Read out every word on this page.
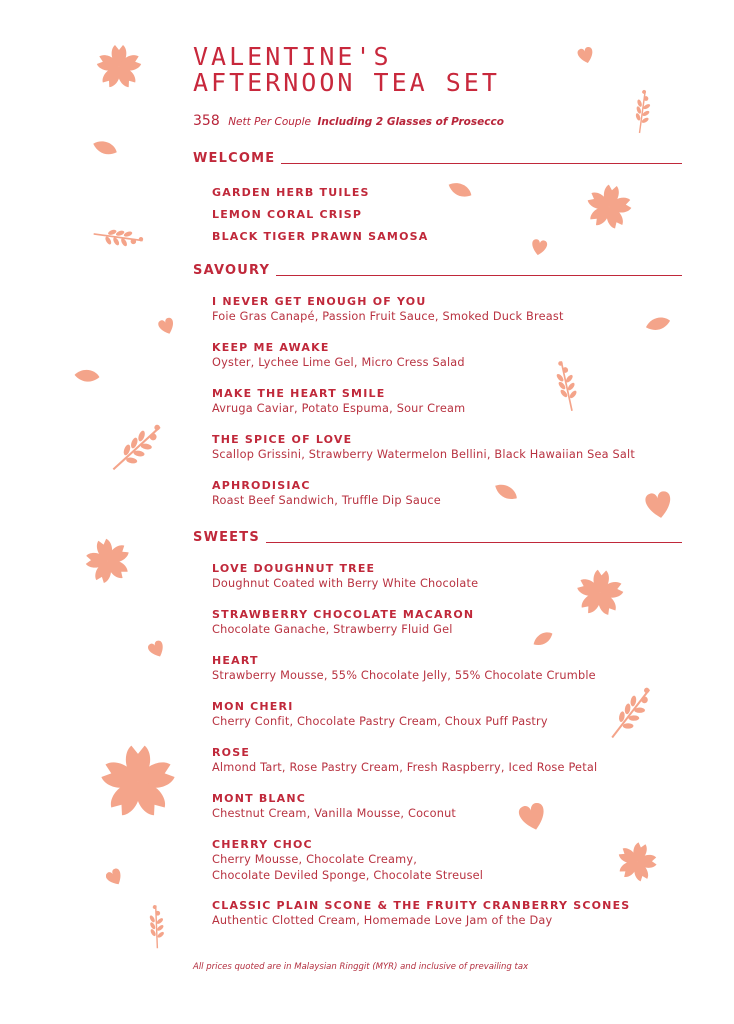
VALENTINE'S
AFTERNOON TEA SET
358 Nett Per Couple Including 2 Glasses of Prosecco
WELCOME
GARDEN HERB TUILES
LEMON CORAL CRISP
BLACK TIGER PRAWN SAMOSA
SAVOURY
I NEVER GET ENOUGH OF YOU
Foie Gras Canapé, Passion Fruit Sauce, Smoked Duck Breast
KEEP ME AWAKE
Oyster, Lychee Lime Gel, Micro Cress Salad
MAKE THE HEART SMILE
Avruga Caviar, Potato Espuma, Sour Cream
THE SPICE OF LOVE
Scallop Grissini, Strawberry Watermelon Bellini, Black Hawaiian Sea Salt
APHRODISIAC
Roast Beef Sandwich, Truffle Dip Sauce
SWEETS
LOVE DOUGHNUT TREE
Doughnut Coated with Berry White Chocolate
STRAWBERRY CHOCOLATE MACARON
Chocolate Ganache, Strawberry Fluid Gel
HEART
Strawberry Mousse, 55% Chocolate Jelly, 55% Chocolate Crumble
MON CHERI
Cherry Confit, Chocolate Pastry Cream, Choux Puff Pastry
ROSE
Almond Tart, Rose Pastry Cream, Fresh Raspberry, Iced Rose Petal
MONT BLANC
Chestnut Cream, Vanilla Mousse, Coconut
CHERRY CHOC
Cherry Mousse, Chocolate Creamy,
Chocolate Deviled Sponge, Chocolate Streusel
CLASSIC PLAIN SCONE & THE FRUITY CRANBERRY SCONES
Authentic Clotted Cream, Homemade Love Jam of the Day
All prices quoted are in Malaysian Ringgit (MYR) and inclusive of prevailing tax
